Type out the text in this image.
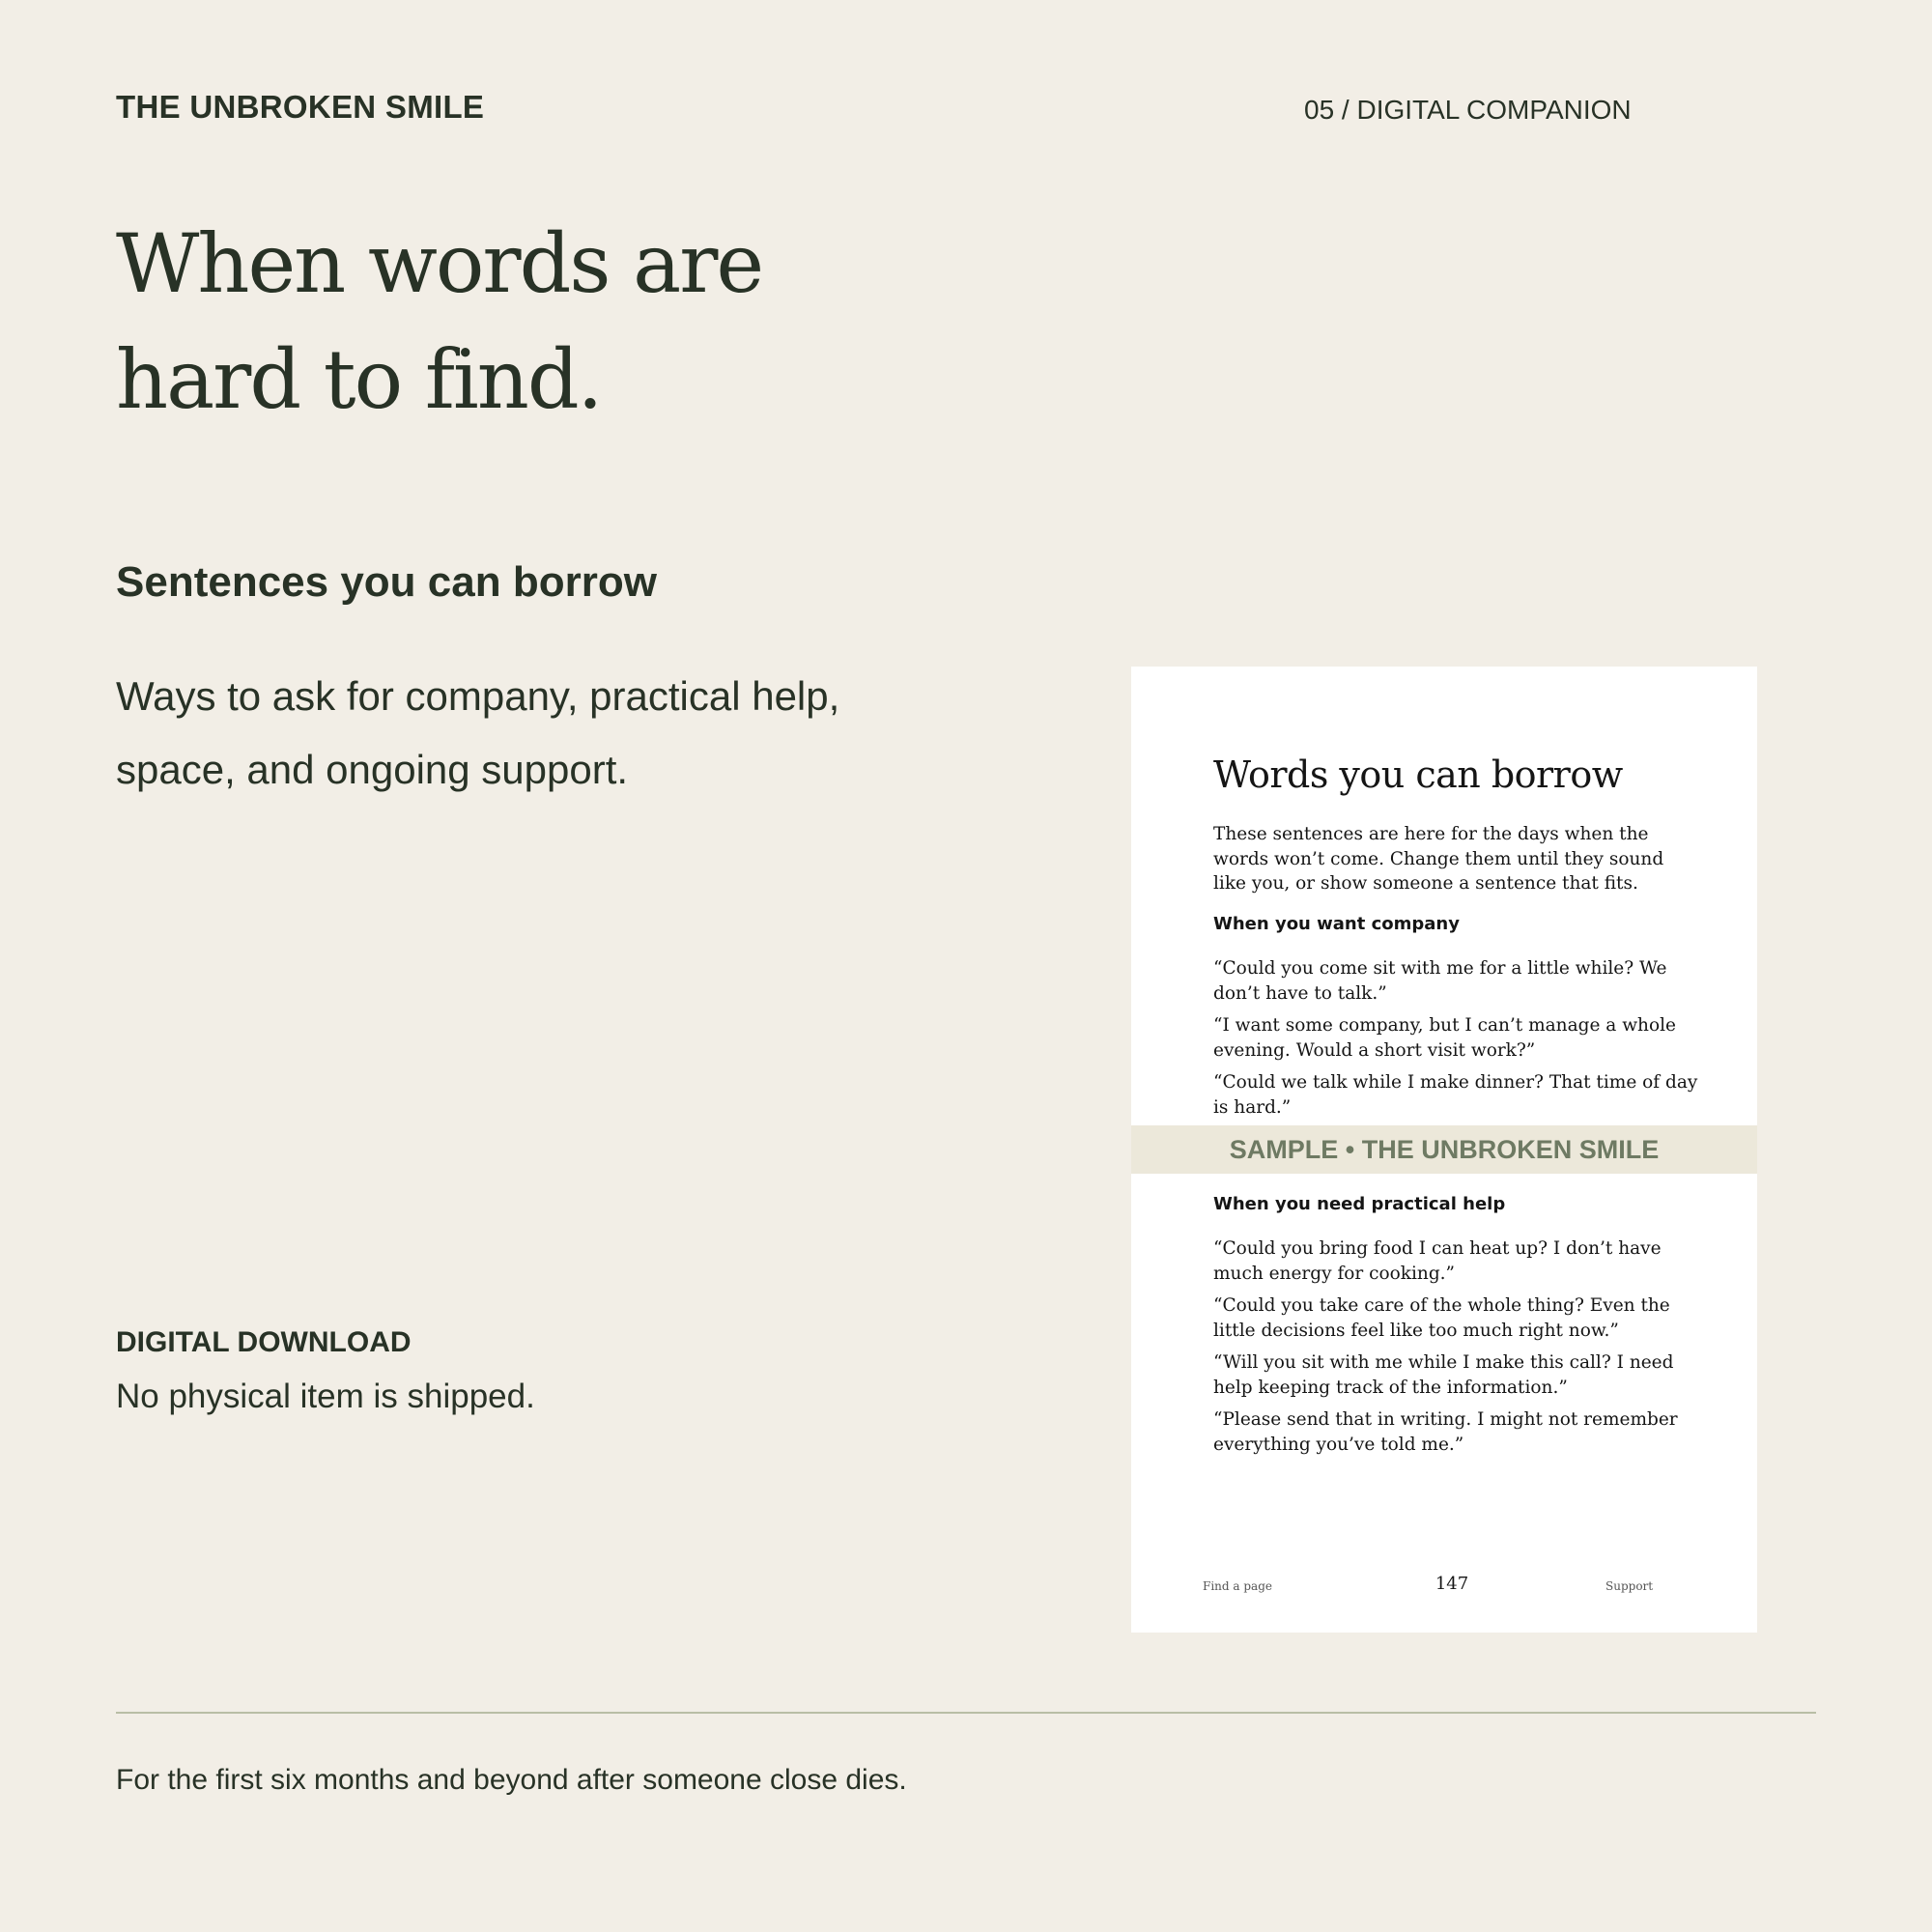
THE UNBROKEN SMILE	05 / DIGITAL COMPANION
When words are hard to find.
Sentences you can borrow

Ways to ask for company, practical help, space, and ongoing support.	Words you can borrow

These sentences are here for the days when the words won’t come. Change them until they sound like you, or show someone a sentence that fits.

When you want company

“Could you come sit with me for a little while? We don’t have to talk.”

“I want some company, but I can’t manage a whole evening. Would a short visit work?”

“Could we talk while I make dinner? That time of day is hard.”

SAMPLE • THE UNBROKEN SMILE

When you need practical help

“Could you bring food I can heat up? I don’t have much energy for cooking.”

“Could you take care of the whole thing? Even the little decisions feel like too much right now.”

“Will you sit with me while I make this call? I need help keeping track of the information.”

“Please send that in writing. I might not remember everything you’ve told me.”

Find a page	147	Support
DIGITAL DOWNLOAD
No physical item is shipped.
For the first six months and beyond after someone close dies.
